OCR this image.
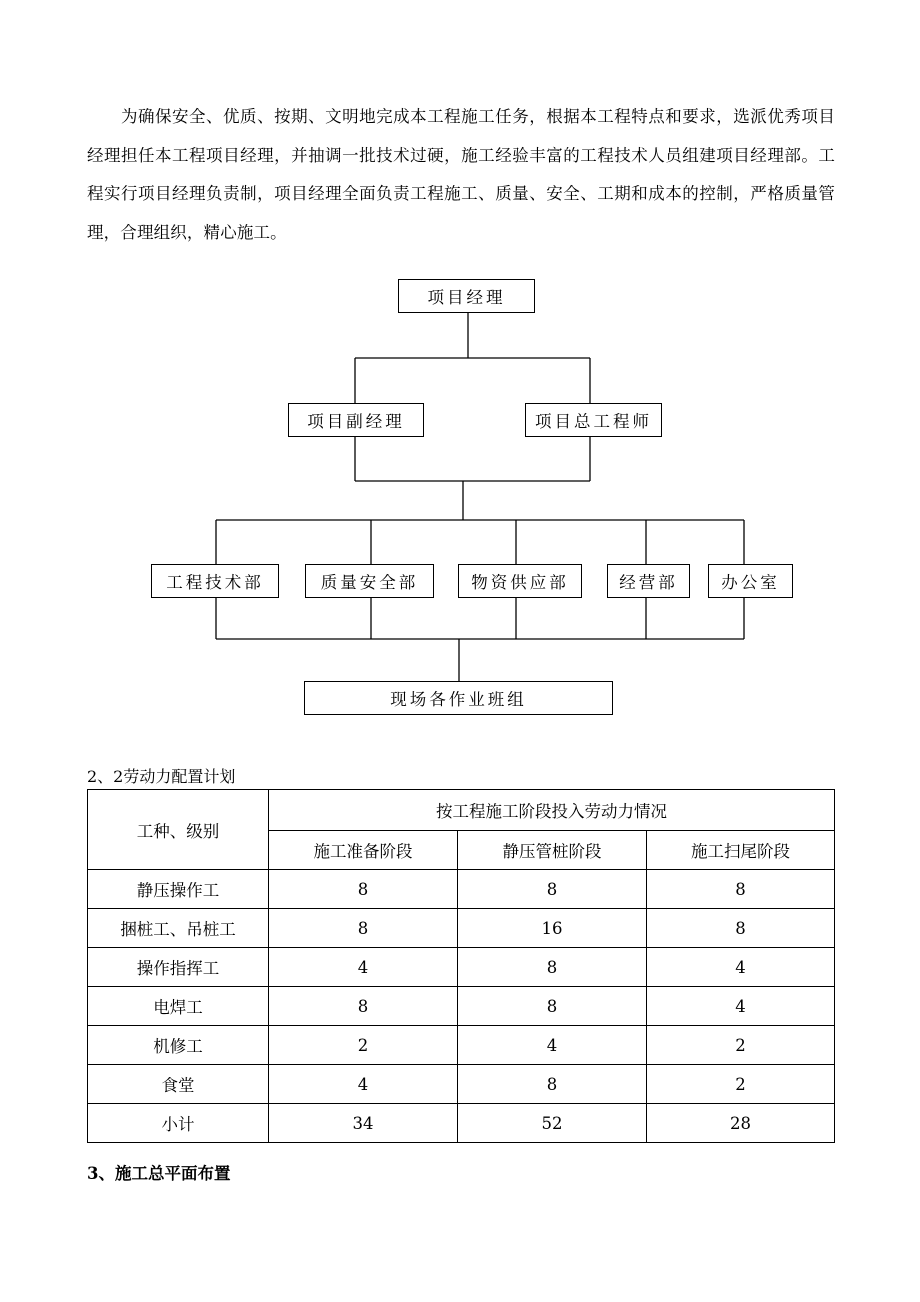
为确保安全、优质、按期、文明地完成本工程施工任务，根据本工程特点和要求，选派优秀项目经理担任本工程项目经理，并抽调一批技术过硬，施工经验丰富的工程技术人员组建项目经理部。工程实行项目经理负责制，项目经理全面负责工程施工、质量、安全、工期和成本的控制，严格质量管理，合理组织，精心施工。

项目经理
项目副经理	项目总工程师
工程技术部	质量安全部	物资供应部	经营部	办公室
现场各作业班组

2、2劳动力配置计划

工种、级别	按工程施工阶段投入劳动力情况		
	施工准备阶段	静压管桩阶段	施工扫尾阶段
静压操作工	8	8	8
捆桩工、吊桩工	8	16	8
操作指挥工	4	8	4
电焊工	8	8	4
机修工	2	4	2
食堂	4	8	2
小计	34	52	28

3、施工总平面布置
